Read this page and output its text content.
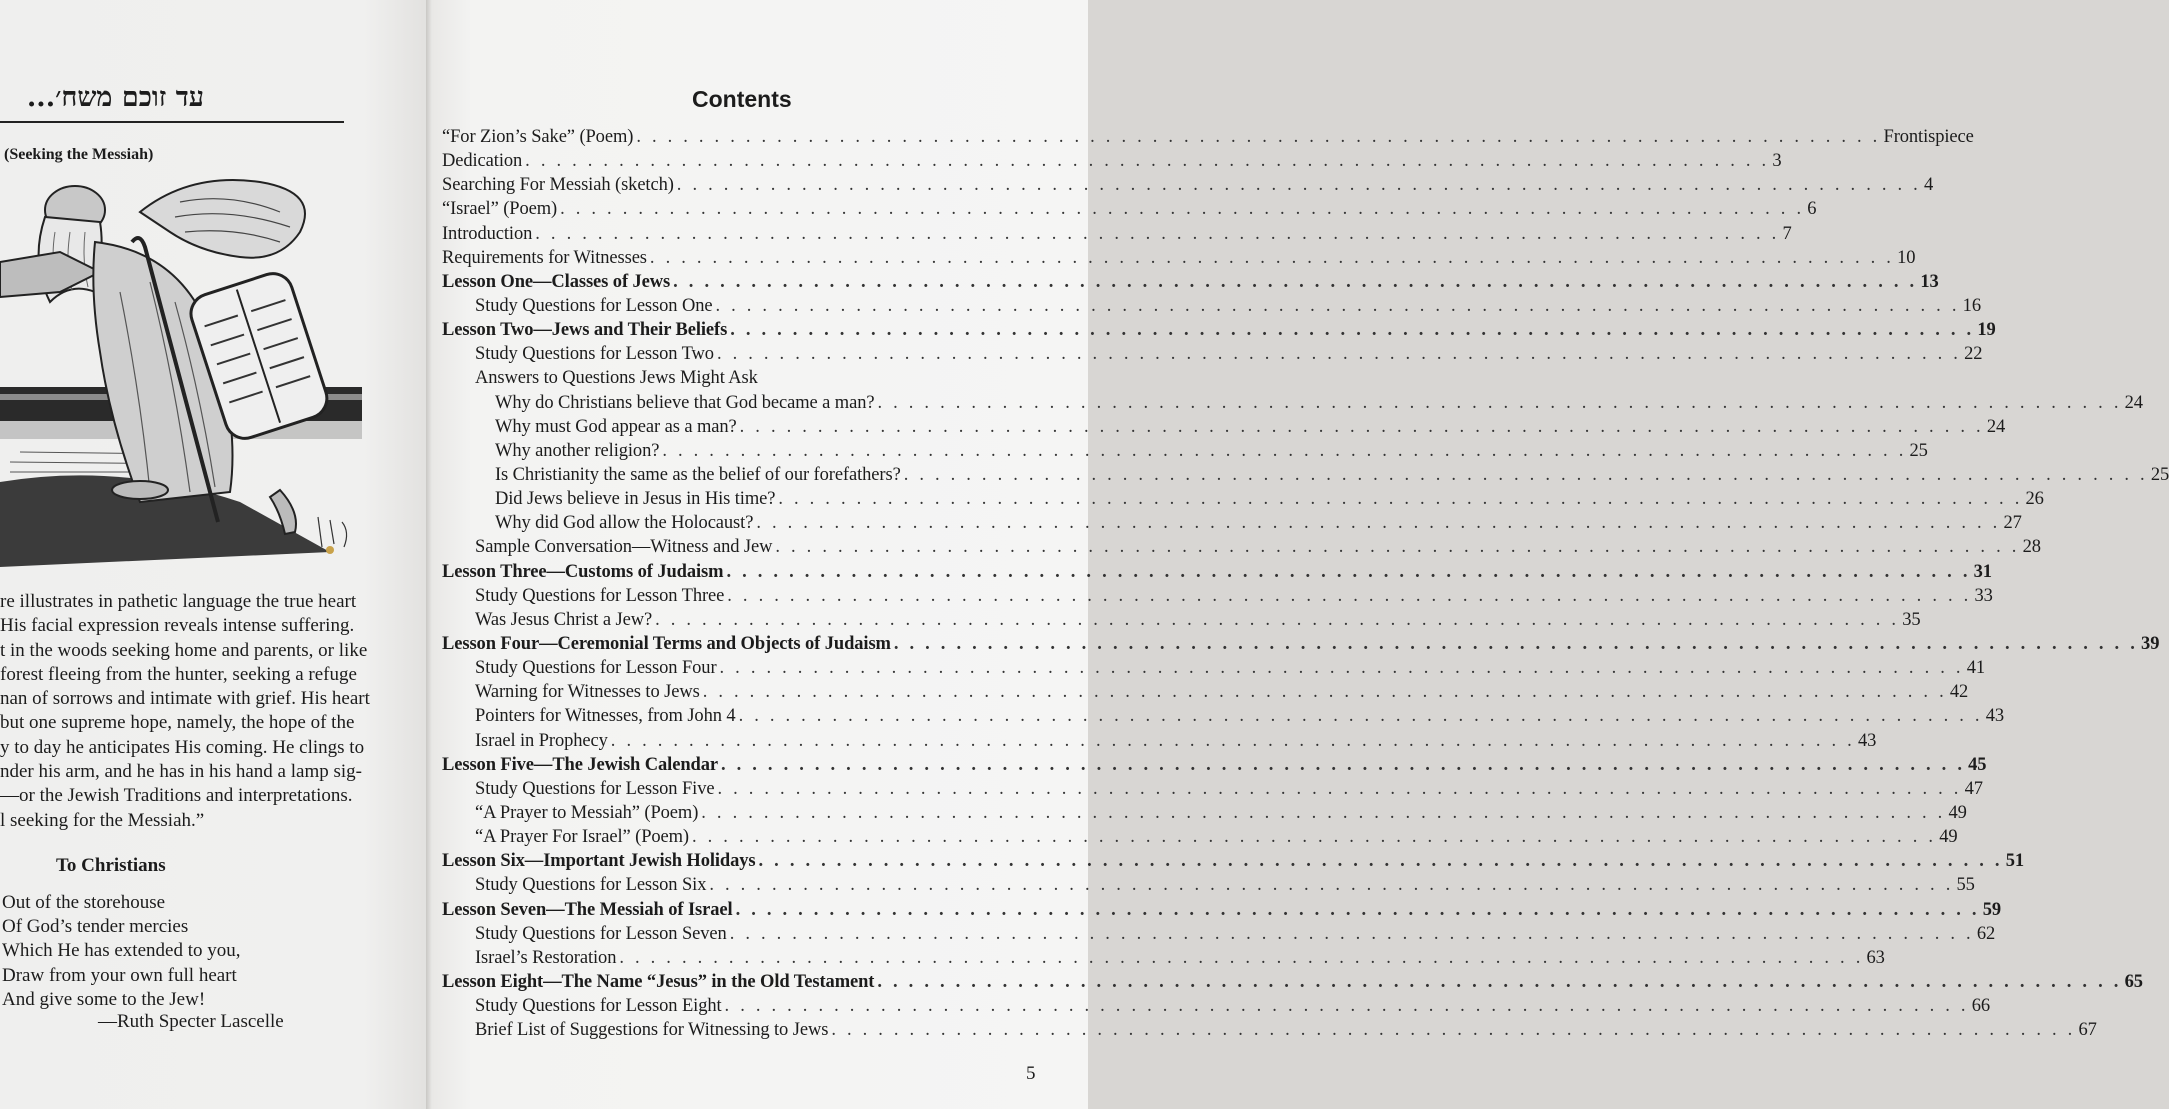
עד זוכם משח׳...
(Seeking the Messiah)
re illustrates in pathetic language the true heart
His facial expression reveals intense suffering.
t in the woods seeking home and parents, or like
forest fleeing from the hunter, seeking a refuge
nan of sorrows and intimate with grief. His heart
but one supreme hope, namely, the hope of the
y to day he anticipates His coming. He clings to
nder his arm, and he has in his hand a lamp sig-
—or the Jewish Traditions and interpretations.
l seeking for the Messiah.”
To Christians
Out of the storehouse
Of God’s tender mercies
Which He has extended to you,
Draw from your own full heart
And give some to the Jew!
—Ruth Specter Lascelle
Contents
“For Zion’s Sake” (Poem) . . . . . . . . . . . . . . . . . . . . . . . . . . . . . . . . . . . . . . . . . . . . . . . . . . . . . . . . . . . . . . . . . . . . . . . . . . . . . . . . Frontispiece
Dedication . . . . . . . . . . . . . . . . . . . . . . . . . . . . . . . . . . . . . . . . . . . . . . . . . . . . . . . . . . . . . . . . . . . . . . . . . . . . . . . . 3
Searching For Messiah (sketch) . . . . . . . . . . . . . . . . . . . . . . . . . . . . . . . . . . . . . . . . . . . . . . . . . . . . . . . . . . . . . . . . . . . . . . . . . . . . . . . . 4
“Israel” (Poem) . . . . . . . . . . . . . . . . . . . . . . . . . . . . . . . . . . . . . . . . . . . . . . . . . . . . . . . . . . . . . . . . . . . . . . . . . . . . . . . . 6
Introduction . . . . . . . . . . . . . . . . . . . . . . . . . . . . . . . . . . . . . . . . . . . . . . . . . . . . . . . . . . . . . . . . . . . . . . . . . . . . . . . . 7
Requirements for Witnesses . . . . . . . . . . . . . . . . . . . . . . . . . . . . . . . . . . . . . . . . . . . . . . . . . . . . . . . . . . . . . . . . . . . . . . . . . . . . . . . . 10
Lesson One—Classes of Jews . . . . . . . . . . . . . . . . . . . . . . . . . . . . . . . . . . . . . . . . . . . . . . . . . . . . . . . . . . . . . . . . . . . . . . . . . . . . . . . . 13
Study Questions for Lesson One . . . . . . . . . . . . . . . . . . . . . . . . . . . . . . . . . . . . . . . . . . . . . . . . . . . . . . . . . . . . . . . . . . . . . . . . . . . . . . . . 16
Lesson Two—Jews and Their Beliefs . . . . . . . . . . . . . . . . . . . . . . . . . . . . . . . . . . . . . . . . . . . . . . . . . . . . . . . . . . . . . . . . . . . . . . . . . . . . . . . . 19
Study Questions for Lesson Two . . . . . . . . . . . . . . . . . . . . . . . . . . . . . . . . . . . . . . . . . . . . . . . . . . . . . . . . . . . . . . . . . . . . . . . . . . . . . . . . 22
Answers to Questions Jews Might Ask
Why do Christians believe that God became a man? . . . . . . . . . . . . . . . . . . . . . . . . . . . . . . . . . . . . . . . . . . . . . . . . . . . . . . . . . . . . . . . . . . . . . . . . . . . . . . . . 24
Why must God appear as a man? . . . . . . . . . . . . . . . . . . . . . . . . . . . . . . . . . . . . . . . . . . . . . . . . . . . . . . . . . . . . . . . . . . . . . . . . . . . . . . . . 24
Why another religion? . . . . . . . . . . . . . . . . . . . . . . . . . . . . . . . . . . . . . . . . . . . . . . . . . . . . . . . . . . . . . . . . . . . . . . . . . . . . . . . . 25
Is Christianity the same as the belief of our forefathers? . . . . . . . . . . . . . . . . . . . . . . . . . . . . . . . . . . . . . . . . . . . . . . . . . . . . . . . . . . . . . . . . . . . . . . . . . . . . . . . . 25
Did Jews believe in Jesus in His time? . . . . . . . . . . . . . . . . . . . . . . . . . . . . . . . . . . . . . . . . . . . . . . . . . . . . . . . . . . . . . . . . . . . . . . . . . . . . . . . . 26
Why did God allow the Holocaust? . . . . . . . . . . . . . . . . . . . . . . . . . . . . . . . . . . . . . . . . . . . . . . . . . . . . . . . . . . . . . . . . . . . . . . . . . . . . . . . . 27
Sample Conversation—Witness and Jew . . . . . . . . . . . . . . . . . . . . . . . . . . . . . . . . . . . . . . . . . . . . . . . . . . . . . . . . . . . . . . . . . . . . . . . . . . . . . . . . 28
Lesson Three—Customs of Judaism . . . . . . . . . . . . . . . . . . . . . . . . . . . . . . . . . . . . . . . . . . . . . . . . . . . . . . . . . . . . . . . . . . . . . . . . . . . . . . . . 31
Study Questions for Lesson Three . . . . . . . . . . . . . . . . . . . . . . . . . . . . . . . . . . . . . . . . . . . . . . . . . . . . . . . . . . . . . . . . . . . . . . . . . . . . . . . . 33
Was Jesus Christ a Jew? . . . . . . . . . . . . . . . . . . . . . . . . . . . . . . . . . . . . . . . . . . . . . . . . . . . . . . . . . . . . . . . . . . . . . . . . . . . . . . . . 35
Lesson Four—Ceremonial Terms and Objects of Judaism . . . . . . . . . . . . . . . . . . . . . . . . . . . . . . . . . . . . . . . . . . . . . . . . . . . . . . . . . . . . . . . . . . . . . . . . . . . . . . . . 39
Study Questions for Lesson Four . . . . . . . . . . . . . . . . . . . . . . . . . . . . . . . . . . . . . . . . . . . . . . . . . . . . . . . . . . . . . . . . . . . . . . . . . . . . . . . . 41
Warning for Witnesses to Jews . . . . . . . . . . . . . . . . . . . . . . . . . . . . . . . . . . . . . . . . . . . . . . . . . . . . . . . . . . . . . . . . . . . . . . . . . . . . . . . . 42
Pointers for Witnesses, from John 4 . . . . . . . . . . . . . . . . . . . . . . . . . . . . . . . . . . . . . . . . . . . . . . . . . . . . . . . . . . . . . . . . . . . . . . . . . . . . . . . . 43
Israel in Prophecy . . . . . . . . . . . . . . . . . . . . . . . . . . . . . . . . . . . . . . . . . . . . . . . . . . . . . . . . . . . . . . . . . . . . . . . . . . . . . . . . 43
Lesson Five—The Jewish Calendar . . . . . . . . . . . . . . . . . . . . . . . . . . . . . . . . . . . . . . . . . . . . . . . . . . . . . . . . . . . . . . . . . . . . . . . . . . . . . . . . 45
Study Questions for Lesson Five . . . . . . . . . . . . . . . . . . . . . . . . . . . . . . . . . . . . . . . . . . . . . . . . . . . . . . . . . . . . . . . . . . . . . . . . . . . . . . . . 47
“A Prayer to Messiah” (Poem) . . . . . . . . . . . . . . . . . . . . . . . . . . . . . . . . . . . . . . . . . . . . . . . . . . . . . . . . . . . . . . . . . . . . . . . . . . . . . . . . 49
“A Prayer For Israel” (Poem) . . . . . . . . . . . . . . . . . . . . . . . . . . . . . . . . . . . . . . . . . . . . . . . . . . . . . . . . . . . . . . . . . . . . . . . . . . . . . . . . 49
Lesson Six—Important Jewish Holidays . . . . . . . . . . . . . . . . . . . . . . . . . . . . . . . . . . . . . . . . . . . . . . . . . . . . . . . . . . . . . . . . . . . . . . . . . . . . . . . . 51
Study Questions for Lesson Six . . . . . . . . . . . . . . . . . . . . . . . . . . . . . . . . . . . . . . . . . . . . . . . . . . . . . . . . . . . . . . . . . . . . . . . . . . . . . . . . 55
Lesson Seven—The Messiah of Israel . . . . . . . . . . . . . . . . . . . . . . . . . . . . . . . . . . . . . . . . . . . . . . . . . . . . . . . . . . . . . . . . . . . . . . . . . . . . . . . . 59
Study Questions for Lesson Seven . . . . . . . . . . . . . . . . . . . . . . . . . . . . . . . . . . . . . . . . . . . . . . . . . . . . . . . . . . . . . . . . . . . . . . . . . . . . . . . . 62
Israel’s Restoration . . . . . . . . . . . . . . . . . . . . . . . . . . . . . . . . . . . . . . . . . . . . . . . . . . . . . . . . . . . . . . . . . . . . . . . . . . . . . . . . 63
Lesson Eight—The Name “Jesus” in the Old Testament . . . . . . . . . . . . . . . . . . . . . . . . . . . . . . . . . . . . . . . . . . . . . . . . . . . . . . . . . . . . . . . . . . . . . . . . . . . . . . . . 65
Study Questions for Lesson Eight . . . . . . . . . . . . . . . . . . . . . . . . . . . . . . . . . . . . . . . . . . . . . . . . . . . . . . . . . . . . . . . . . . . . . . . . . . . . . . . . 66
Brief List of Suggestions for Witnessing to Jews . . . . . . . . . . . . . . . . . . . . . . . . . . . . . . . . . . . . . . . . . . . . . . . . . . . . . . . . . . . . . . . . . . . . . . . . . . . . . . . . 67
5
